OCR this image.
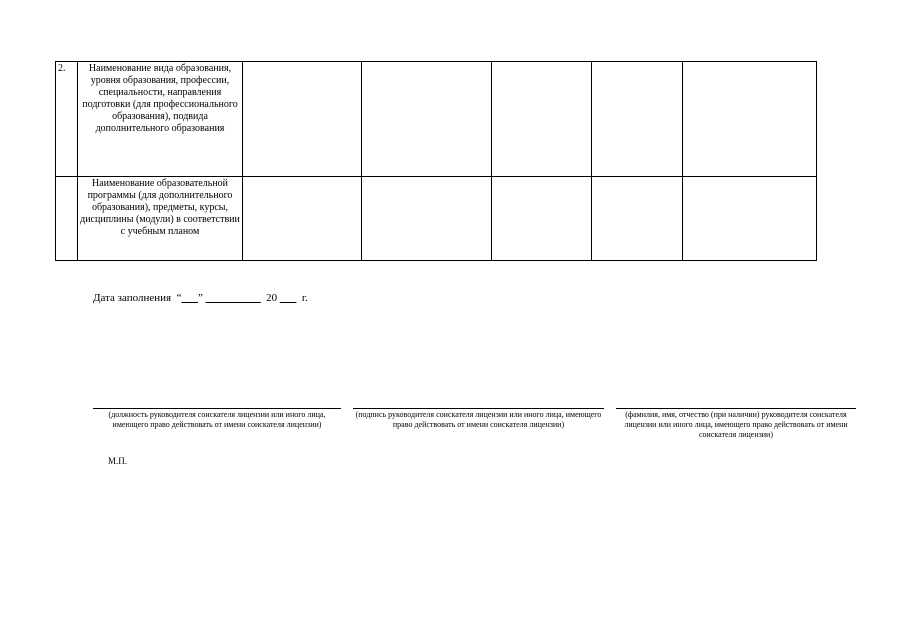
2.	Наименование вида образования, уровня образования, профессии, специальности, направления подготовки (для профессионального образования), подвида дополнительного образования					
	Наименование образовательной программы (для дополнительного образования), предметы, курсы, дисциплины (модули) в соответствии с учебным планом					
Дата заполнения “___” __________ 20 ___ г.
(должность руководителя соискателя лицензии или иного лица, имеющего право действовать от имени соискателя лицензии)
(подпись руководителя соискателя лицензии или иного лица, имеющего право действовать от имени соискателя лицензии)
(фамилия, имя, отчество (при наличии) руководителя соискателя лицензии или иного лица, имеющего право действовать от имени соискателя лицензии)
М.П.
